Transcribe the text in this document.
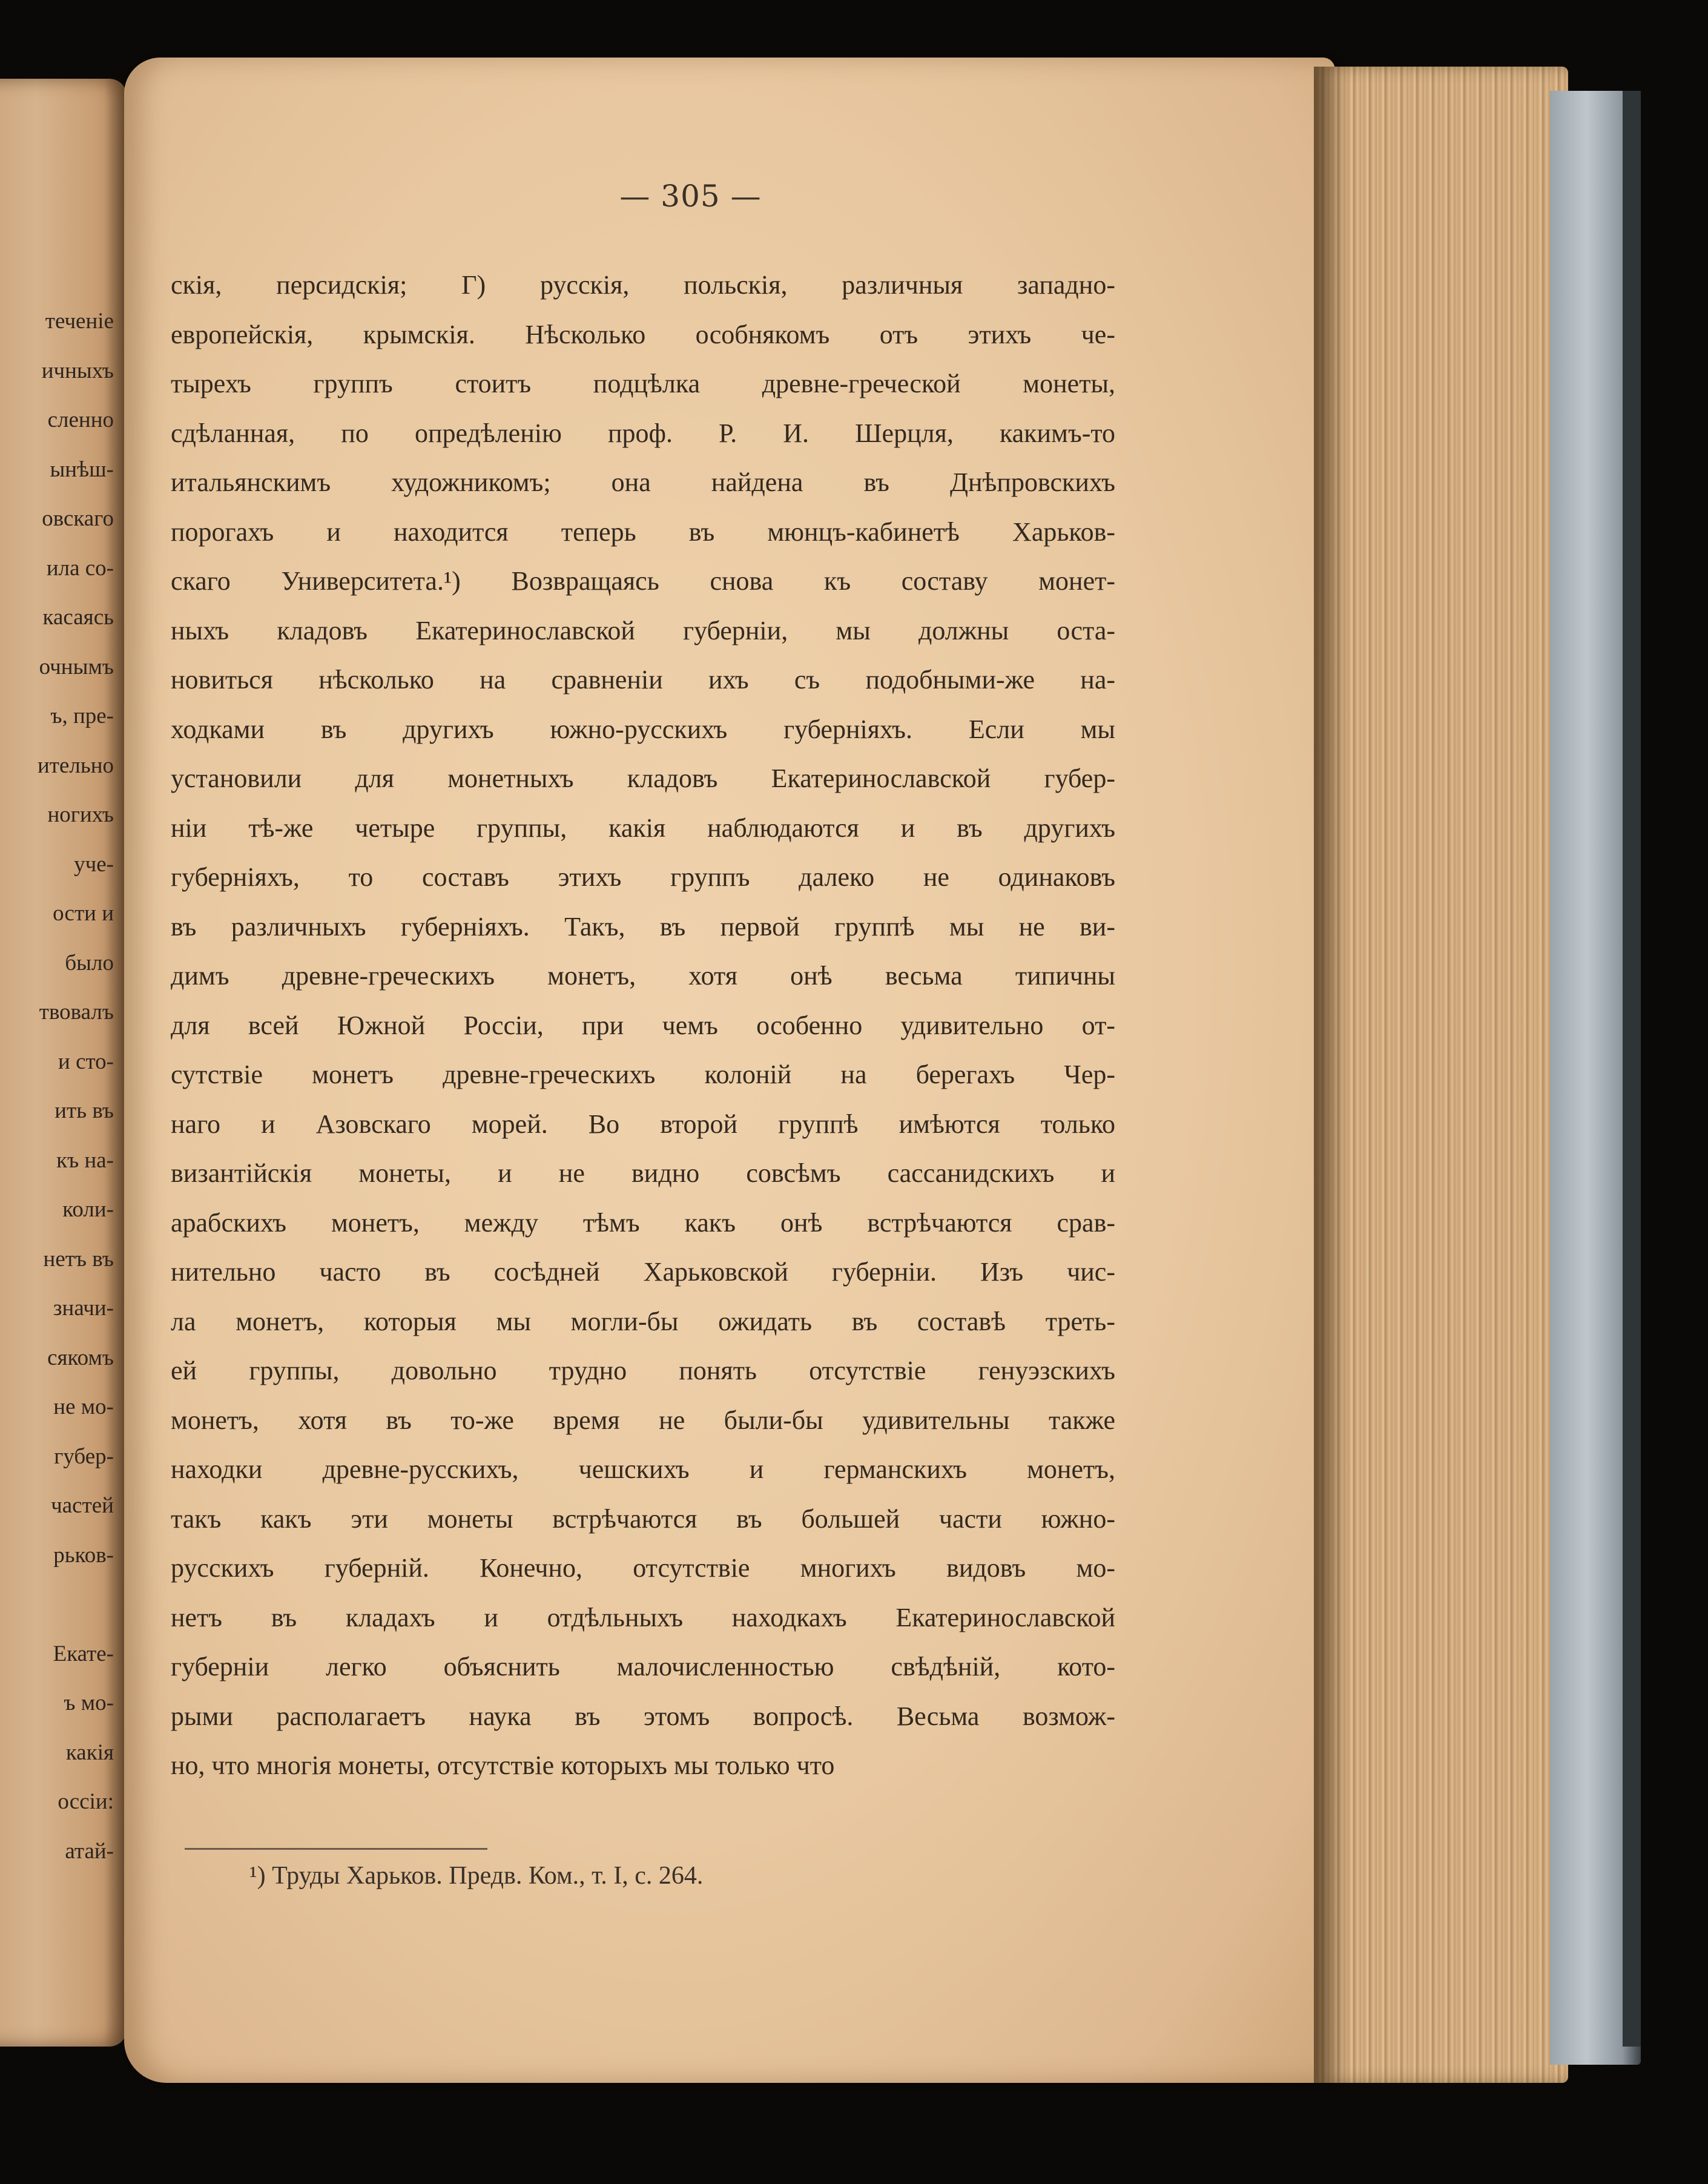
теченіе
ичныхъ
сленно
ынѣш-
овскаго
ила со-
касаясь
очнымъ
ъ, пре-
ительно
ногихъ
уче-
ости и
было
твовалъ
и сто-
ить въ
къ на-
коли-
нетъ въ
значи-
сякомъ
не мо-
губер-
частей
рьков-
Екате-
ъ мо-
какія
оссіи:
атай-
— 305 —
скія, персидскія; Г) русскія, польскія, различныя западно-
европейскія, крымскія. Нѣсколько особнякомъ отъ этихъ че-
тырехъ группъ стоитъ подцѣлка древне-греческой монеты,
сдѣланная, по опредѣленію проф. Р. И. Шерцля, какимъ-то
итальянскимъ художникомъ; она найдена въ Днѣпровскихъ
порогахъ и находится теперь въ мюнцъ-кабинетѣ Харьков-
скаго Университета.¹) Возвращаясь снова къ составу монет-
ныхъ кладовъ Екатеринославской губерніи, мы должны оста-
новиться нѣсколько на сравненіи ихъ съ подобными-же на-
ходками въ другихъ южно-русскихъ губерніяхъ. Если мы
установили для монетныхъ кладовъ Екатеринославской губер-
ніи тѣ-же четыре группы, какія наблюдаются и въ другихъ
губерніяхъ, то составъ этихъ группъ далеко не одинаковъ
въ различныхъ губерніяхъ. Такъ, въ первой группѣ мы не ви-
димъ древне-греческихъ монетъ, хотя онѣ весьма типичны
для всей Южной Россіи, при чемъ особенно удивительно от-
сутствіе монетъ древне-греческихъ колоній на берегахъ Чер-
наго и Азовскаго морей. Во второй группѣ имѣются только
византійскія монеты, и не видно совсѣмъ сассанидскихъ и
арабскихъ монетъ, между тѣмъ какъ онѣ встрѣчаются срав-
нительно часто въ сосѣдней Харьковской губерніи. Изъ чис-
ла монетъ, которыя мы могли-бы ожидать въ составѣ треть-
ей группы, довольно трудно понять отсутствіе генуэзскихъ
монетъ, хотя въ то-же время не были-бы удивительны также
находки древне-русскихъ, чешскихъ и германскихъ монетъ,
такъ какъ эти монеты встрѣчаются въ большей части южно-
русскихъ губерній. Конечно, отсутствіе многихъ видовъ мо-
нетъ въ кладахъ и отдѣльныхъ находкахъ Екатеринославской
губерніи легко объяснить малочисленностью свѣдѣній, кото-
рыми располагаетъ наука въ этомъ вопросѣ. Весьма возмож-
но, что многія монеты, отсутствіе которыхъ мы только что
¹) Труды Харьков. Предв. Ком., т. I, с. 264.
